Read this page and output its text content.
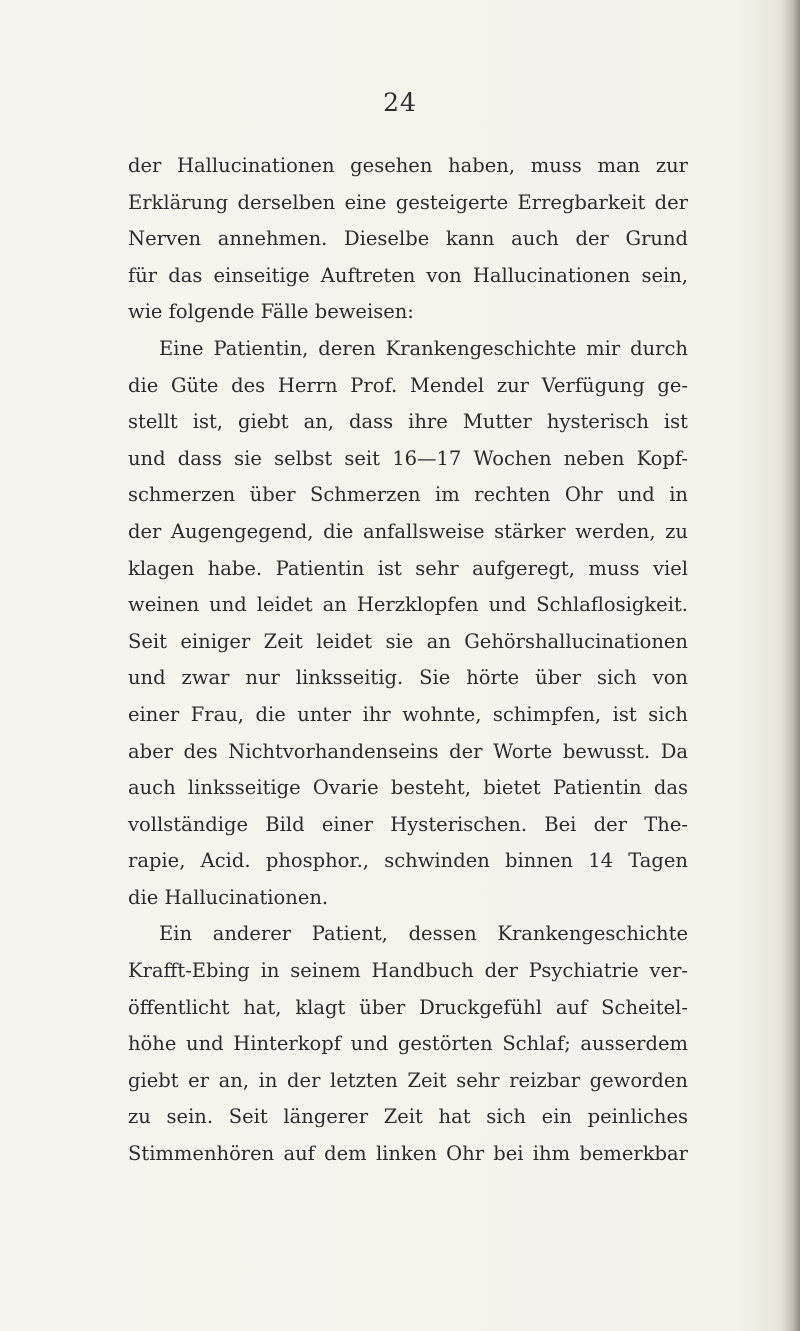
24
der Hallucinationen gesehen haben, muss man zur
Erklärung derselben eine gesteigerte Erregbarkeit der
Nerven annehmen. Dieselbe kann auch der Grund
für das einseitige Auftreten von Hallucinationen sein,
wie folgende Fälle beweisen:
Eine Patientin, deren Krankengeschichte mir durch
die Güte des Herrn Prof. Mendel zur Verfügung ge-
stellt ist, giebt an, dass ihre Mutter hysterisch ist
und dass sie selbst seit 16—17 Wochen neben Kopf-
schmerzen über Schmerzen im rechten Ohr und in
der Augengegend, die anfallsweise stärker werden, zu
klagen habe. Patientin ist sehr aufgeregt, muss viel
weinen und leidet an Herzklopfen und Schlaflosigkeit.
Seit einiger Zeit leidet sie an Gehörshallucinationen
und zwar nur linksseitig. Sie hörte über sich von
einer Frau, die unter ihr wohnte, schimpfen, ist sich
aber des Nichtvorhandenseins der Worte bewusst. Da
auch linksseitige Ovarie besteht, bietet Patientin das
vollständige Bild einer Hysterischen. Bei der The-
rapie, Acid. phosphor., schwinden binnen 14 Tagen
die Hallucinationen.
Ein anderer Patient, dessen Krankengeschichte
Krafft-Ebing in seinem Handbuch der Psychiatrie ver-
öffentlicht hat, klagt über Druckgefühl auf Scheitel-
höhe und Hinterkopf und gestörten Schlaf; ausserdem
giebt er an, in der letzten Zeit sehr reizbar geworden
zu sein. Seit längerer Zeit hat sich ein peinliches
Stimmenhören auf dem linken Ohr bei ihm bemerkbar
